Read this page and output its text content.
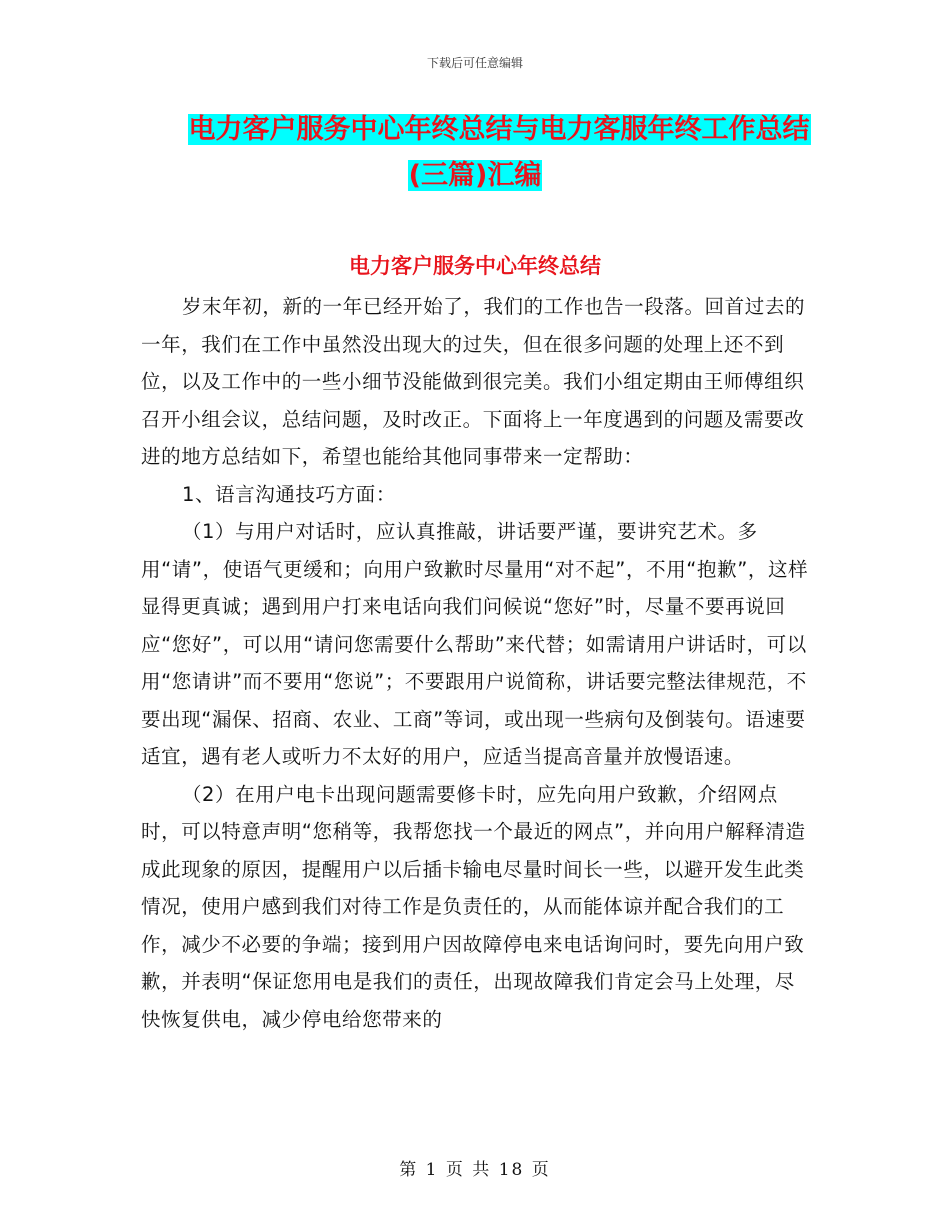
下载后可任意编辑
电力客户服务中心年终总结与电力客服年终工作总结
(三篇)汇编
电力客户服务中心年终总结

岁末年初，新的一年已经开始了，我们的工作也告一段落。回首过去的一年，我们在工作中虽然没出现大的过失，但在很多问题的处理上还不到位，以及工作中的一些小细节没能做到很完美。我们小组定期由王师傅组织召开小组会议，总结问题，及时改正。下面将上一年度遇到的问题及需要改进的地方总结如下，希望也能给其他同事带来一定帮助：

1、语言沟通技巧方面：

（1）与用户对话时，应认真推敲，讲话要严谨，要讲究艺术。多用“请”，使语气更缓和；向用户致歉时尽量用“对不起”，不用“抱歉”，这样显得更真诚；遇到用户打来电话向我们问候说“您好”时，尽量不要再说回应“您好”，可以用“请问您需要什么帮助”来代替；如需请用户讲话时，可以用“您请讲”而不要用“您说”；不要跟用户说简称，讲话要完整法律规范，不要出现“漏保、招商、农业、工商”等词，或出现一些病句及倒装句。语速要适宜，遇有老人或听力不太好的用户，应适当提高音量并放慢语速。

（2）在用户电卡出现问题需要修卡时，应先向用户致歉，介绍网点时，可以特意声明“您稍等，我帮您找一个最近的网点”，并向用户解释清造成此现象的原因，提醒用户以后插卡输电尽量时间长一些，以避开发生此类情况，使用户感到我们对待工作是负责任的，从而能体谅并配合我们的工作，减少不必要的争端；接到用户因故障停电来电话询问时，要先向用户致歉，并表明“保证您用电是我们的责任，出现故障我们肯定会马上处理，尽快恢复供电，减少停电给您带来的

第 1 页 共 18 页
